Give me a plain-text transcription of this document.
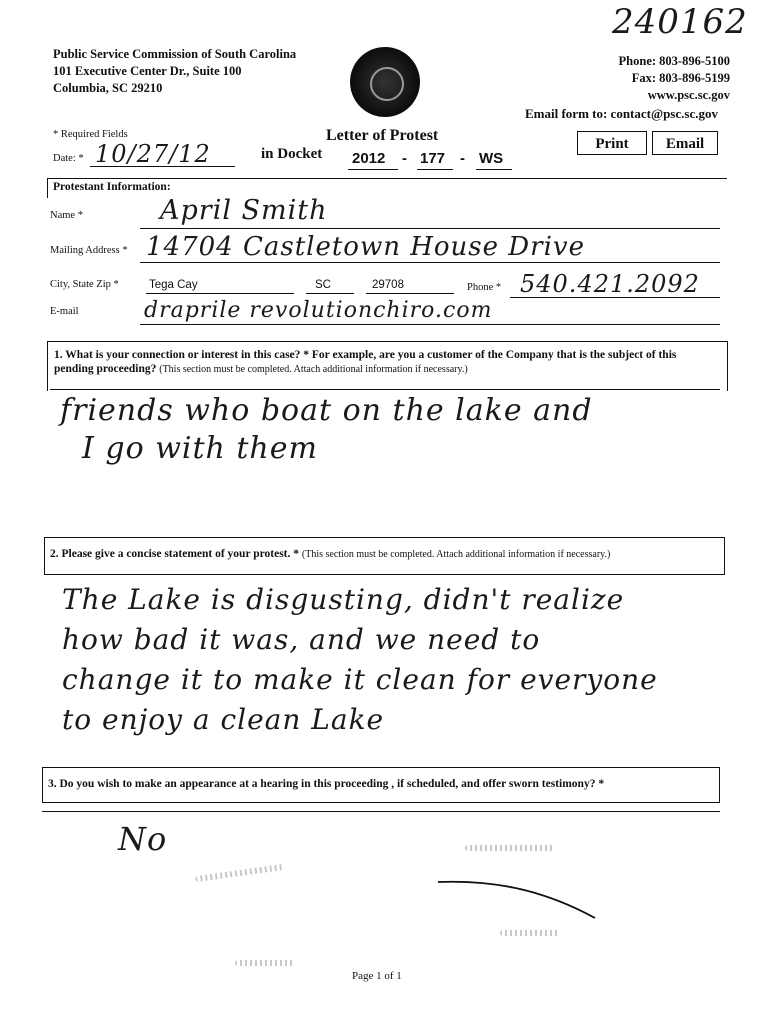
240162
Public Service Commission of South Carolina
101 Executive Center Dr., Suite 100
Columbia, SC 29210
Phone: 803-896-5100
Fax: 803-896-5199
www.psc.sc.gov
Email form to: contact@psc.sc.gov
* Required Fields	Letter of Protest	Print	Email
Date: * 10/27/12	in Docket 2012 - 177 - WS
Protestant Information:
Name *	April Smith
Mailing Address * 14704 Castletown House Drive
City, State Zip *	Tega Cay	SC	29708	Phone * 540.421.2092
E-mail	draprile revolutionchiro.com
1. What is your connection or interest in this case? * For example, are you a customer of the Company that is the subject of this pending proceeding? (This section must be completed. Attach additional information if necessary.)
friends who boat on the lake and
I go with them
2. Please give a concise statement of your protest. * (This section must be completed. Attach additional information if necessary.)
The Lake is disgusting, didn't realize
how bad it was, and we need to
change it to make it clean for everyone
to enjoy a clean Lake
3. Do you wish to make an appearance at a hearing in this proceeding , if scheduled, and offer sworn testimony? *
No
Page 1 of 1
